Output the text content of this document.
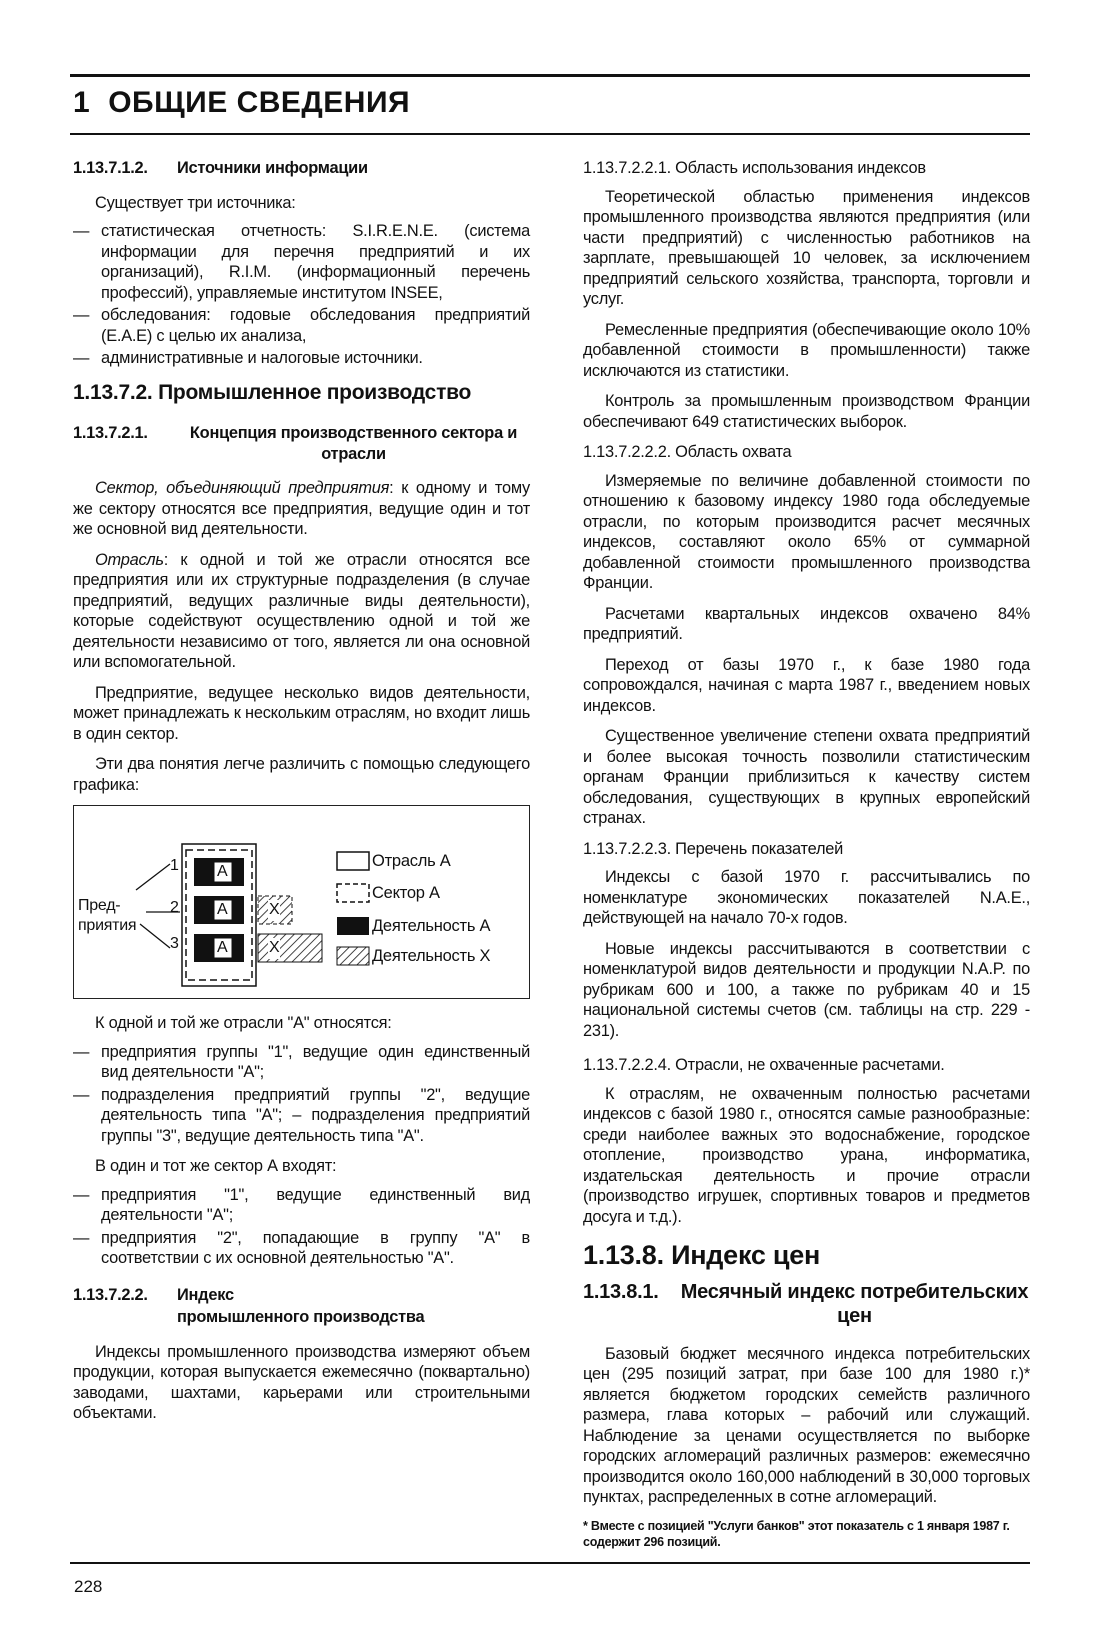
1 ОБЩИЕ СВЕДЕНИЯ
1.13.7.1.2. Источники информации

Существует три источника:

— статистическая отчетность: S.I.R.E.N.E. (система информации для перечня предприятий и их организаций), R.I.M. (информационный перечень профессий), управляемые институтом INSEE,
— обследования: годовые обследования предприятий (E.A.E) с целью их анализа,
— административные и налоговые источники.
1.13.7.2. Промышленное производство
1.13.7.2.1.	Концепция производственного сектора и отрасли

Сектор, объединяющий предприятия: к одному и тому же сектору относятся все предприятия, ведущие один и тот же основной вид деятельности.

Отрасль: к одной и той же отрасли относятся все предприятия или их структурные подразделения (в случае предприятий, ведущих различные виды деятельности), которые содействуют осуществлению одной и той же деятельности независимо от того, является ли она основной или вспомогательной.

Предприятие, ведущее несколько видов деятельности, может принадлежать к нескольким отраслям, но входит лишь в один сектор.

Эти два понятия легче различить с помощью следующего графика:

Пред-
приятия
1
2
3
A
A
A
X
X
Отрасль А
Сектор А
Деятельность А
Деятельность Х

К одной и той же отрасли "А" относятся:

— предприятия группы "1", ведущие один единственный вид деятельности "А";
— подразделения предприятий группы "2", ведущие деятельность типа "А"; – подразделения предприятий группы "3", ведущие деятельность типа "А".

В один и тот же сектор А входят:

— предприятия "1", ведущие единственный вид деятельности "А";
— предприятия "2", попадающие в группу "А" в соответствии с их основной деятельностью "А".
1.13.7.2.2. Индекс
промышленного производства

Индексы промышленного производства измеряют объем продукции, которая выпускается ежемесячно (поквартально) заводами, шахтами, карьерами или строительными объектами.

1.13.7.2.2.1. Область использования индексов

Теоретической областью применения индексов промышленного производства являются предприятия (или части предприятий) с численностью работников на зарплате, превышающей 10 человек, за исключением предприятий сельского хозяйства, транспорта, торговли и услуг.

Ремесленные предприятия (обеспечивающие около 10% добавленной стоимости в промышленности) также исключаются из статистики.

Контроль за промышленным производством Франции обеспечивают 649 статистических выборок.

1.13.7.2.2.2. Область охвата

Измеряемые по величине добавленной стоимости по отношению к базовому индексу 1980 года обследуемые отрасли, по которым производится расчет месячных индексов, составляют около 65% от суммарной добавленной стоимости промышленного производства Франции.

Расчетами квартальных индексов охвачено 84% предприятий.

Переход от базы 1970 г., к базе 1980 года сопровождался, начиная с марта 1987 г., введением новых индексов.

Существенное увеличение степени охвата предприятий и более высокая точность позволили статистическим органам Франции приблизиться к качеству систем обследования, существующих в крупных европейский странах.

1.13.7.2.2.3. Перечень показателей

Индексы с базой 1970 г. рассчитывались по номенклатуре экономических показателей N.A.E., действующей на начало 70-х годов.

Новые индексы рассчитываются в соответствии с номенклатурой видов деятельности и продукции N.A.P. по рубрикам 600 и 100, а также по рубрикам 40 и 15 национальной системы счетов (см. таблицы на стр. 229 - 231).

1.13.7.2.2.4. Отрасли, не охваченные расчетами.

К отраслям, не охваченным полностью расчетами индексов с базой 1980 г., относятся самые разнообразные: среди наиболее важных это водоснабжение, городское отопление, производство урана, информатика, издательская деятельность и прочие отрасли (производство игрушек, спортивных товаров и предметов досуга и т.д.).

1.13.8. Индекс цен
1.13.8.1.	Месячный индекс потребительских цен

Базовый бюджет месячного индекса потребительских цен (295 позиций затрат, при базе 100 для 1980 г.)* является бюджетом городских семейств различного размера, глава которых – рабочий или служащий. Наблюдение за ценами осуществляется по выборке городских агломераций различных размеров: ежемесячно производится около 160,000 наблюдений в 30,000 торговых пунктах, распределенных в сотне агломераций.

* Вместе с позицией "Услуги банков" этот показатель с 1 января 1987 г. содержит 296 позиций.
228
